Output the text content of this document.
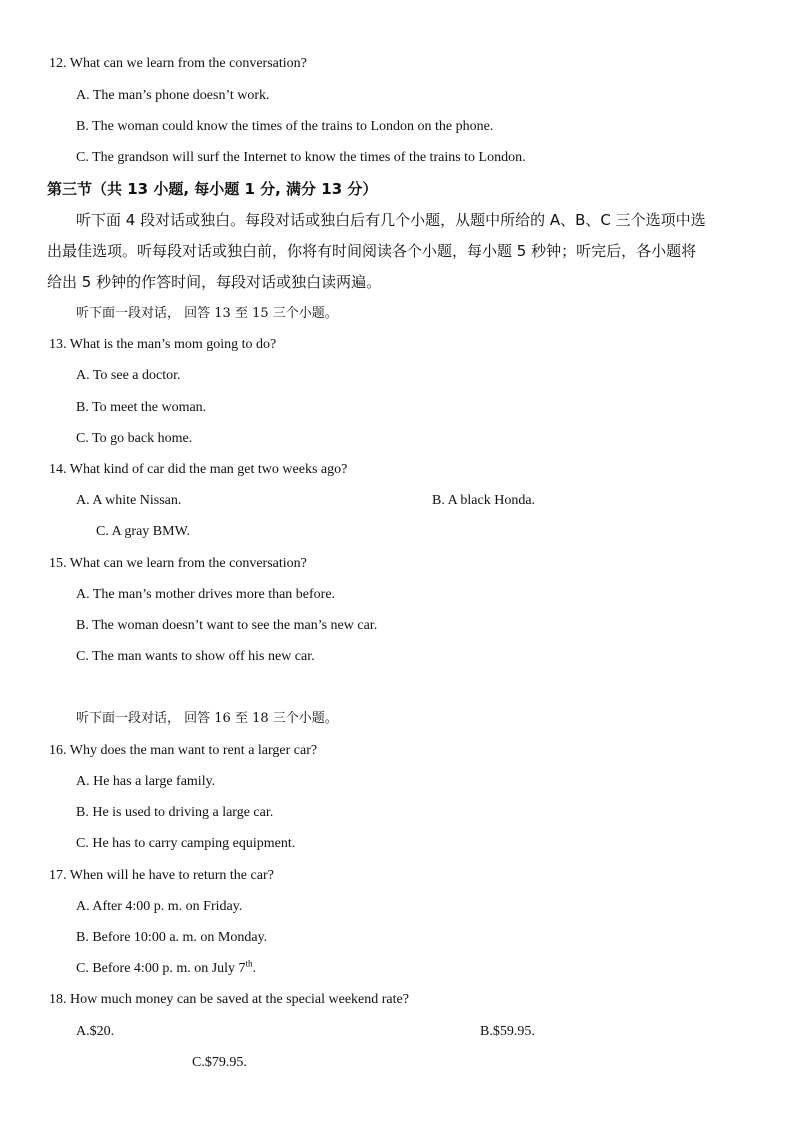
12. What can we learn from the conversation?
A. The man’s phone doesn’t work.
B. The woman could know the times of the trains to London on the phone.
C. The grandson will surf the Internet to know the times of the trains to London.
第三节（共 13 小题, 每小题 1 分, 满分 13 分）
听下面 4 段对话或独白。每段对话或独白后有几个小题，从题中所给的 A、B、C 三个选项中选
出最佳选项。听每段对话或独白前，你将有时间阅读各个小题，每小题 5 秒钟；听完后，各小题将
给出 5 秒钟的作答时间，每段对话或独白读两遍。
听下面一段对话， 回答 13 至 15 三个小题。
13. What is the man’s mom going to do?
A. To see a doctor.
B. To meet the woman.
C. To go back home.
14. What kind of car did the man get two weeks ago?
A. A white Nissan.	B. A black Honda.
C. A gray BMW.
15. What can we learn from the conversation?
A. The man’s mother drives more than before.
B. The woman doesn’t want to see the man’s new car.
C. The man wants to show off his new car.
听下面一段对话， 回答 16 至 18 三个小题。
16. Why does the man want to rent a larger car?
A. He has a large family.
B. He is used to driving a large car.
C. He has to carry camping equipment.
17. When will he have to return the car?
A. After 4:00 p. m. on Friday.
B. Before 10:00 a. m. on Monday.
C. Before 4:00 p. m. on July 7th.
18. How much money can be saved at the special weekend rate?
A.$20.	B.$59.95.
C.$79.95.
